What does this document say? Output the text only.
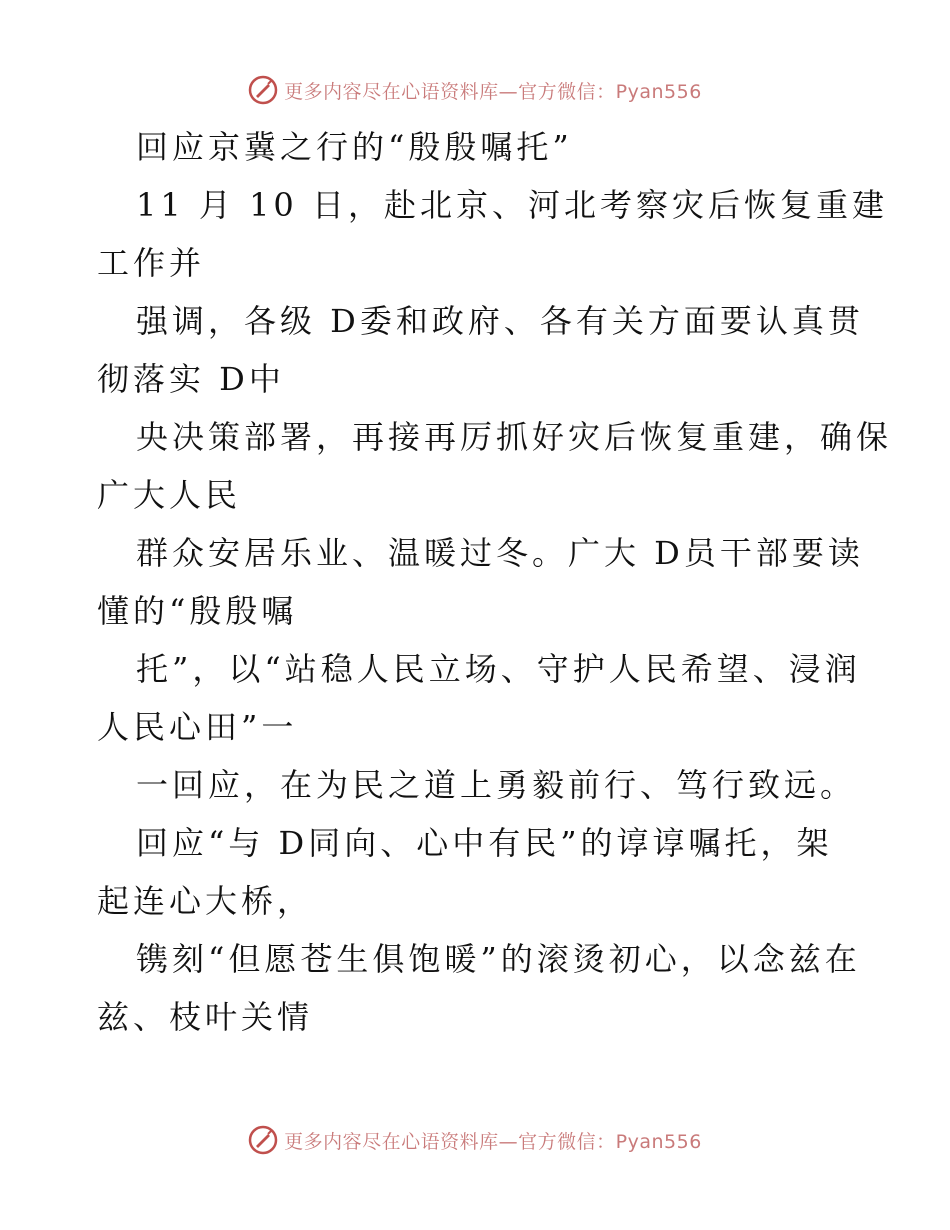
更多内容尽在心语资料库—官方微信：Pyan556
回应京冀之行的“殷殷嘱托”
11 月 10 日，赴北京、河北考察灾后恢复重建
工作并
强调，各级 D委和政府、各有关方面要认真贯
彻落实 D中
央决策部署，再接再厉抓好灾后恢复重建，确保
广大人民
群众安居乐业、温暖过冬。广大 D员干部要读
懂的“殷殷嘱
托”，以“站稳人民立场、守护人民希望、浸润
人民心田”一
一回应，在为民之道上勇毅前行、笃行致远。
回应“与 D同向、心中有民”的谆谆嘱托，架
起连心大桥，
镌刻“但愿苍生俱饱暖”的滚烫初心，以念兹在
兹、枝叶关情
更多内容尽在心语资料库—官方微信：Pyan556
